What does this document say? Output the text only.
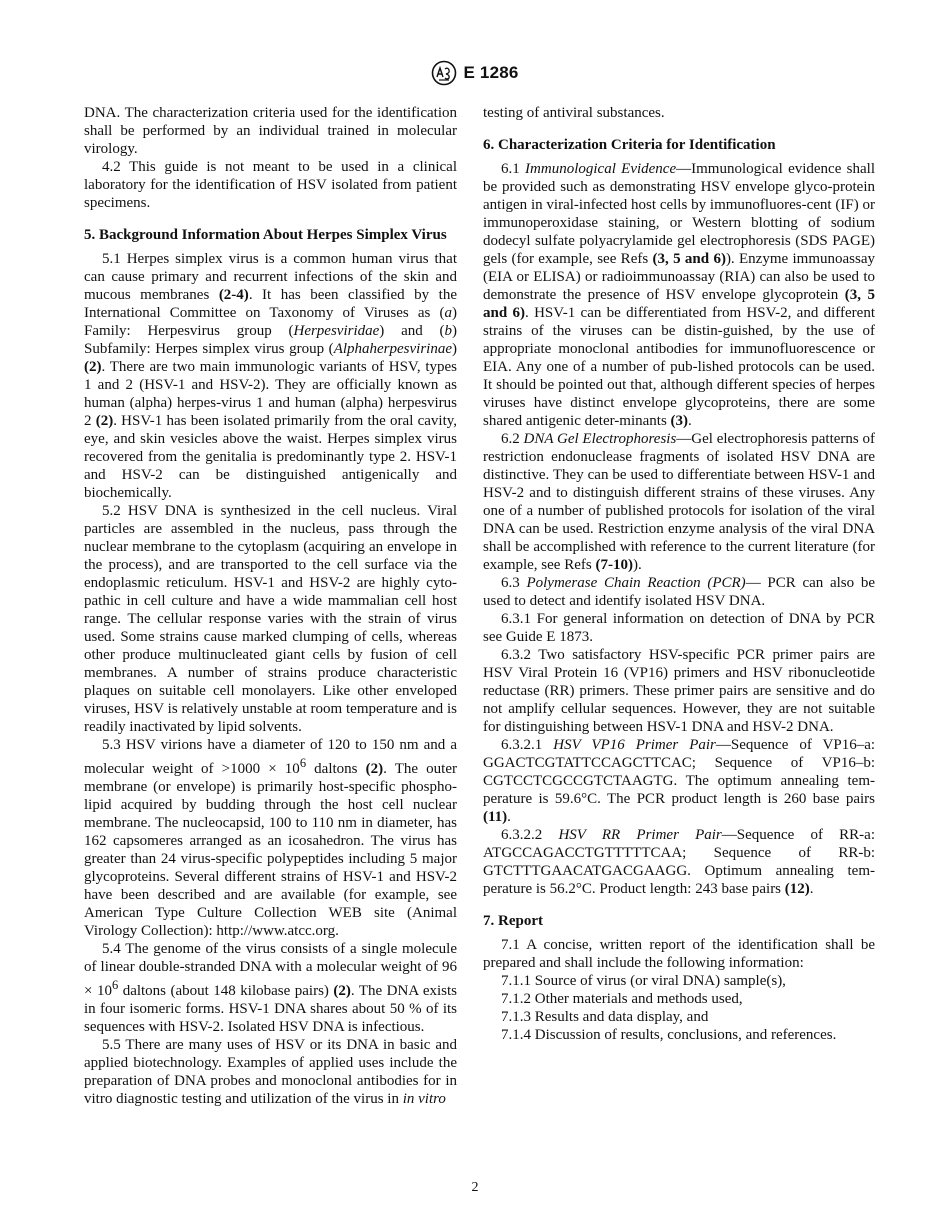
E 1286

DNA. The characterization criteria used for the identification shall be performed by an individual trained in molecular virology.

4.2 This guide is not meant to be used in a clinical laboratory for the identification of HSV isolated from patient specimens.

5. Background Information About Herpes Simplex Virus

5.1 Herpes simplex virus is a common human virus that can cause primary and recurrent infections of the skin and mucous membranes (2-4). It has been classified by the International Committee on Taxonomy of Viruses as (a) Family: Herpesvirus group (Herpesviridae) and (b) Subfamily: Herpes simplex virus group (Alphaherpesvirinae) (2). There are two main immunologic variants of HSV, types 1 and 2 (HSV-1 and HSV-2). They are officially known as human (alpha) herpes-virus 1 and human (alpha) herpesvirus 2 (2). HSV-1 has been isolated primarily from the oral cavity, eye, and skin vesicles above the waist. Herpes simplex virus recovered from the genitalia is predominantly type 2. HSV-1 and HSV-2 can be distinguished antigenically and biochemically.

5.2 HSV DNA is synthesized in the cell nucleus. Viral particles are assembled in the nucleus, pass through the nuclear membrane to the cytoplasm (acquiring an envelope in the process), and are transported to the cell surface via the endoplasmic reticulum. HSV-1 and HSV-2 are highly cyto-pathic in cell culture and have a wide mammalian cell host range. The cellular response varies with the strain of virus used. Some strains cause marked clumping of cells, whereas other produce multinucleated giant cells by fusion of cell membranes. A number of strains produce characteristic plaques on suitable cell monolayers. Like other enveloped viruses, HSV is relatively unstable at room temperature and is readily inactivated by lipid solvents.

5.3 HSV virions have a diameter of 120 to 150 nm and a molecular weight of $>1000 \times 10^6$ daltons (2). The outer membrane (or envelope) is primarily host-specific phospho-lipid acquired by budding through the host cell nuclear membrane. The nucleocapsid, 100 to 110 nm in diameter, has 162 capsomeres arranged as an icosahedron. The virus has greater than 24 virus-specific polypeptides including 5 major glycoproteins. Several different strains of HSV-1 and HSV-2 have been described and are available (for example, see American Type Culture Collection WEB site (Animal Virology Collection): http://www.atcc.org.

5.4 The genome of the virus consists of a single molecule of linear double-stranded DNA with a molecular weight of $96 \times 10^6$ daltons (about 148 kilobase pairs) (2). The DNA exists in four isomeric forms. HSV-1 DNA shares about 50 % of its sequences with HSV-2. Isolated HSV DNA is infectious.

5.5 There are many uses of HSV or its DNA in basic and applied biotechnology. Examples of applied uses include the preparation of DNA probes and monoclonal antibodies for in vitro diagnostic testing and utilization of the virus in in vitro

testing of antiviral substances.

6. Characterization Criteria for Identification

6.1 Immunological Evidence—Immunological evidence shall be provided such as demonstrating HSV envelope glyco-protein antigen in viral-infected host cells by immunofluores-cent (IF) or immunoperoxidase staining, or Western blotting of sodium dodecyl sulfate polyacrylamide gel electrophoresis (SDS PAGE) gels (for example, see Refs (3, 5 and 6)). Enzyme immunoassay (EIA or ELISA) or radioimmunoassay (RIA) can also be used to demonstrate the presence of HSV envelope glycoprotein (3, 5 and 6). HSV-1 can be differentiated from HSV-2, and different strains of the viruses can be distin-guished, by the use of appropriate monoclonal antibodies for immunofluorescence or EIA. Any one of a number of pub-lished protocols can be used. It should be pointed out that, although different species of herpes viruses have distinct envelope glycoproteins, there are some shared antigenic deter-minants (3).

6.2 DNA Gel Electrophoresis—Gel electrophoresis patterns of restriction endonuclease fragments of isolated HSV DNA are distinctive. They can be used to differentiate between HSV-1 and HSV-2 and to distinguish different strains of these viruses. Any one of a number of published protocols for isolation of the viral DNA can be used. Restriction enzyme analysis of the viral DNA shall be accomplished with reference to the current literature (for example, see Refs (7-10)).

6.3 Polymerase Chain Reaction (PCR)— PCR can also be used to detect and identify isolated HSV DNA.

6.3.1 For general information on detection of DNA by PCR see Guide E 1873.

6.3.2 Two satisfactory HSV-specific PCR primer pairs are HSV Viral Protein 16 (VP16) primers and HSV ribonucleotide reductase (RR) primers. These primer pairs are sensitive and do not amplify cellular sequences. However, they are not suitable for distinguishing between HSV-1 DNA and HSV-2 DNA.

6.3.2.1 HSV VP16 Primer Pair—Sequence of VP16–a: GGACTCGTATTCCAGCTTCAC; Sequence of VP16–b: CGTCCTCGCCGTCTAAGTG. The optimum annealing tem-perature is 59.6°C. The PCR product length is 260 base pairs (11).

6.3.2.2 HSV RR Primer Pair—Sequence of RR-a: ATGCCAGACCTGTTTTTCAA; Sequence of RR-b: GTCTTTGAACATGACGAAGG. Optimum annealing tem-perature is 56.2°C. Product length: 243 base pairs (12).

7. Report

7.1 A concise, written report of the identification shall be prepared and shall include the following information:

7.1.1 Source of virus (or viral DNA) sample(s),

7.1.2 Other materials and methods used,

7.1.3 Results and data display, and

7.1.4 Discussion of results, conclusions, and references.

2
